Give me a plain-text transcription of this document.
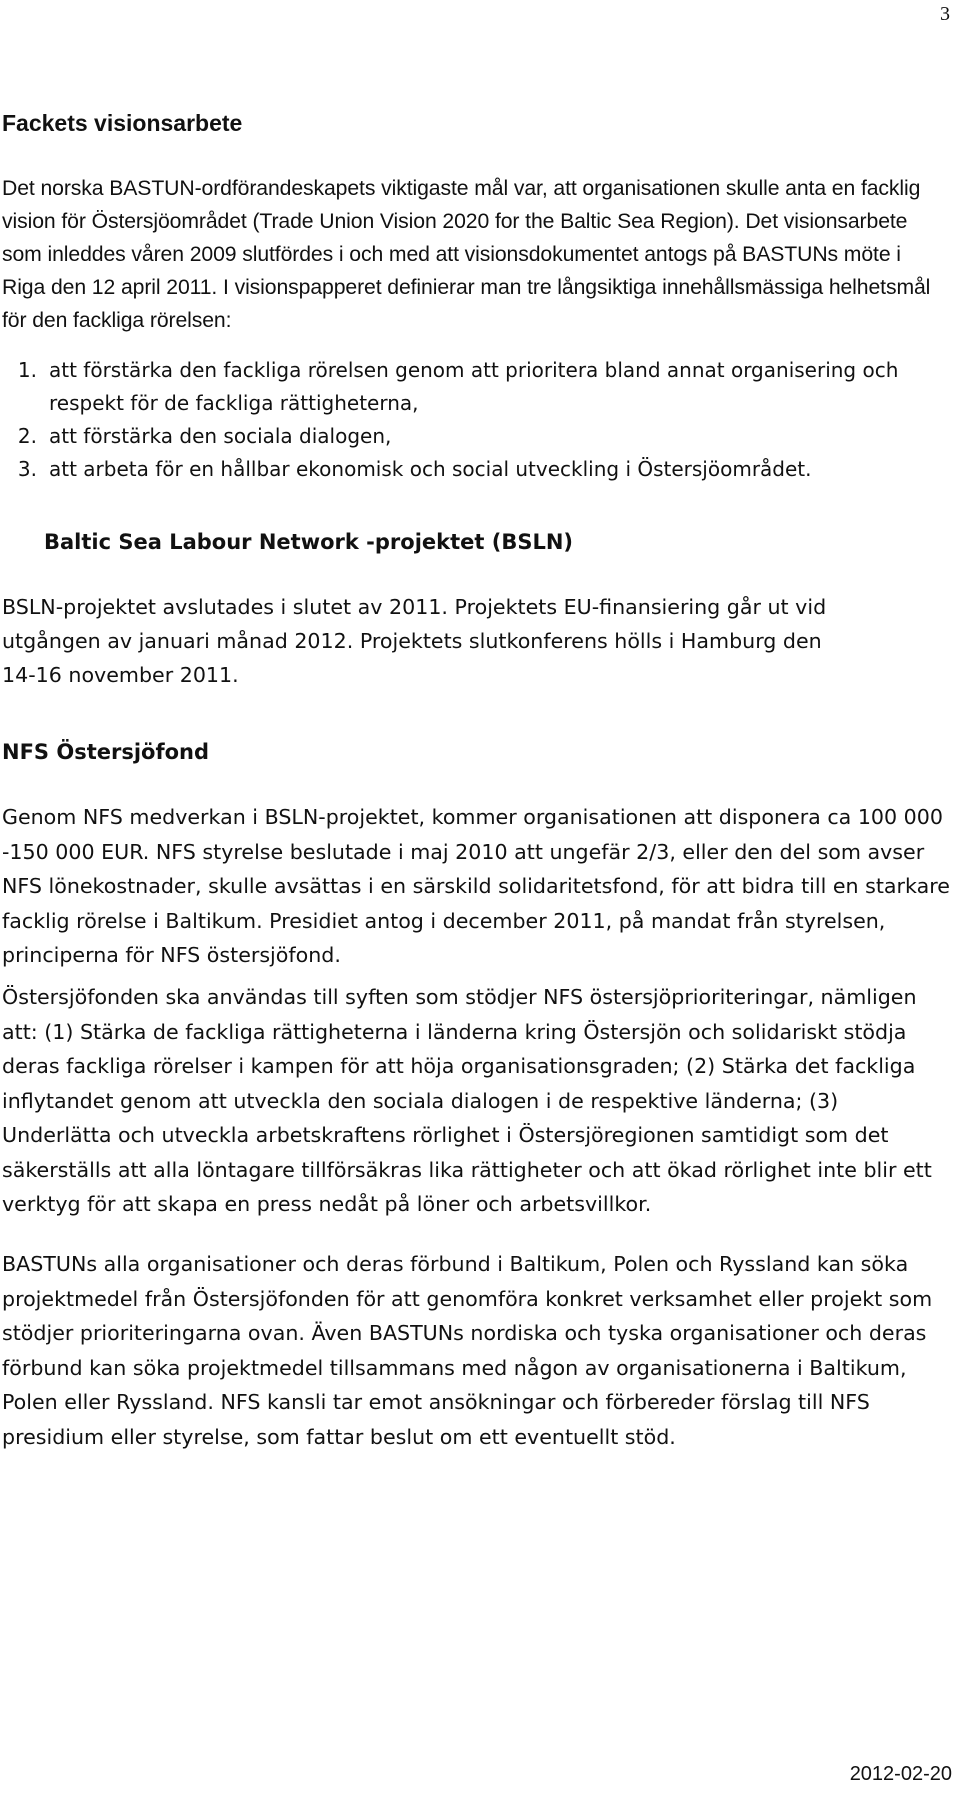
3
Fackets visionsarbete

Det norska BASTUN-ordförandeskapets viktigaste mål var, att organisationen skulle anta en facklig vision för Östersjöområdet (Trade Union Vision 2020 for the Baltic Sea Region). Det visionsarbete som inleddes våren 2009 slutfördes i och med att visionsdokumentet antogs på BASTUNs möte i Riga den 12 april 2011. I visionspapperet definierar man tre långsiktiga innehållsmässiga helhetsmål för den fackliga rörelsen:

1. att förstärka den fackliga rörelsen genom att prioritera bland annat organisering och respekt för de fackliga rättigheterna,
2. att förstärka den sociala dialogen,
3. att arbeta för en hållbar ekonomisk och social utveckling i Östersjöområdet.
Baltic Sea Labour Network -projektet (BSLN)

BSLN-projektet avslutades i slutet av 2011. Projektets EU-finansiering går ut vid utgången av januari månad 2012. Projektets slutkonferens hölls i Hamburg den 14-16 november 2011.

NFS Östersjöfond

Genom NFS medverkan i BSLN-projektet, kommer organisationen att disponera ca 100 000 -150 000 EUR. NFS styrelse beslutade i maj 2010 att ungefär 2/3, eller den del som avser NFS lönekostnader, skulle avsättas i en särskild solidaritetsfond, för att bidra till en starkare facklig rörelse i Baltikum. Presidiet antog i december 2011, på mandat från styrelsen, principerna för NFS östersjöfond.

Östersjöfonden ska användas till syften som stödjer NFS östersjöprioriteringar, nämligen att: (1) Stärka de fackliga rättigheterna i länderna kring Östersjön och solidariskt stödja deras fackliga rörelser i kampen för att höja organisationsgraden; (2) Stärka det fackliga inflytandet genom att utveckla den sociala dialogen i de respektive länderna; (3) Underlätta och utveckla arbetskraftens rörlighet i Östersjöregionen samtidigt som det säkerställs att alla löntagare tillförsäkras lika rättigheter och att ökad rörlighet inte blir ett verktyg för att skapa en press nedåt på löner och arbetsvillkor.

BASTUNs alla organisationer och deras förbund i Baltikum, Polen och Ryssland kan söka projektmedel från Östersjöfonden för att genomföra konkret verksamhet eller projekt som stödjer prioriteringarna ovan. Även BASTUNs nordiska och tyska organisationer och deras förbund kan söka projektmedel tillsammans med någon av organisationerna i Baltikum, Polen eller Ryssland. NFS kansli tar emot ansökningar och förbereder förslag till NFS presidium eller styrelse, som fattar beslut om ett eventuellt stöd.

2012-02-20
